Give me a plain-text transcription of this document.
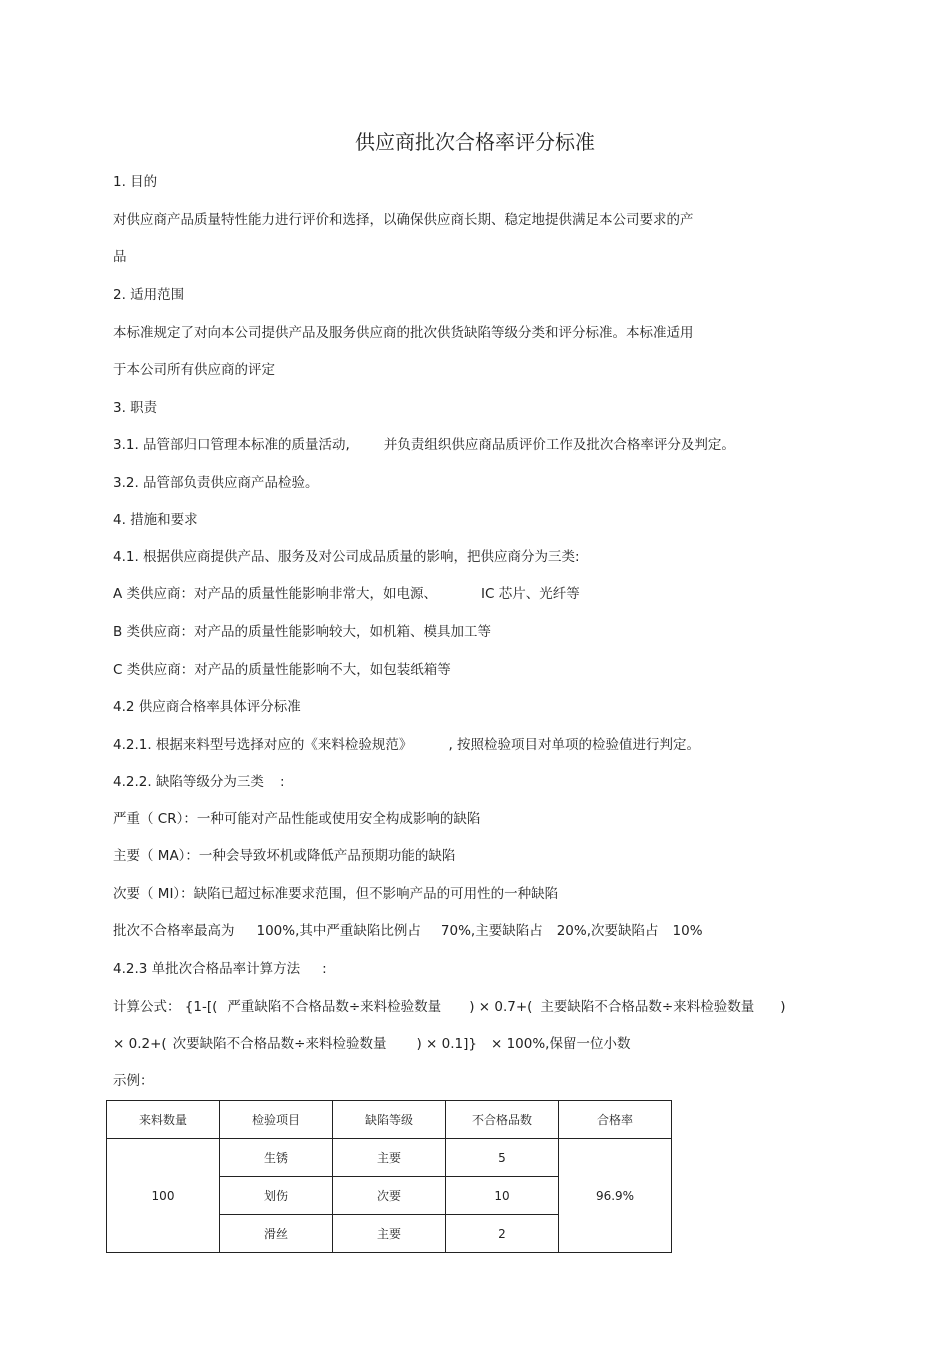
供应商批次合格率评分标准
1. 目的
对供应商产品质量特性能力进行评价和选择，以确保供应商长期、稳定地提供满足本公司要求的产
品
2. 适用范围
本标准规定了对向本公司提供产品及服务供应商的批次供货缺陷等级分类和评分标准。本标准适用
于本公司所有供应商的评定
3. 职责
3.1. 品管部归口管理本标准的质量活动,	并负责组织供应商品质评价工作及批次合格率评分及判定。
3.2. 品管部负责供应商产品检验。
4. 措施和要求
4.1. 根据供应商提供产品、服务及对公司成品质量的影响，把供应商分为三类:
A 类供应商：对产品的质量性能影响非常大，如电源、	IC 芯片、光纤等
B 类供应商：对产品的质量性能影响较大，如机箱、模具加工等
C 类供应商：对产品的质量性能影响不大，如包装纸箱等
4.2 供应商合格率具体评分标准
4.2.1. 根据来料型号选择对应的《来料检验规范》	, 按照检验项目对单项的检验值进行判定。
4.2.2. 缺陷等级分为三类 :
严重（ CR）：一种可能对产品性能或使用安全构成影响的缺陷
主要（ MA）：一种会导致坏机或降低产品预期功能的缺陷
次要（ MI）：缺陷已超过标准要求范围，但不影响产品的可用性的一种缺陷
批次不合格率最高为 100%,其中严重缺陷比例占 70%,主要缺陷占 20%,次要缺陷占 10%
4.2.3 单批次合格品率计算方法 :
计算公式： {1-[( 严重缺陷不合格品数÷来料检验数量 ) × 0.7+( 主要缺陷不合格品数÷来料检验数量 )
× 0.2+( 次要缺陷不合格品数÷来料检验数量 ) × 0.1]} × 100%,保留一位小数
示例：
来料数量	检验项目	缺陷等级	不合格品数	合格率
100	生锈	主要	5	96.9%
	划伤	次要	10	
	滑丝	主要	2	
